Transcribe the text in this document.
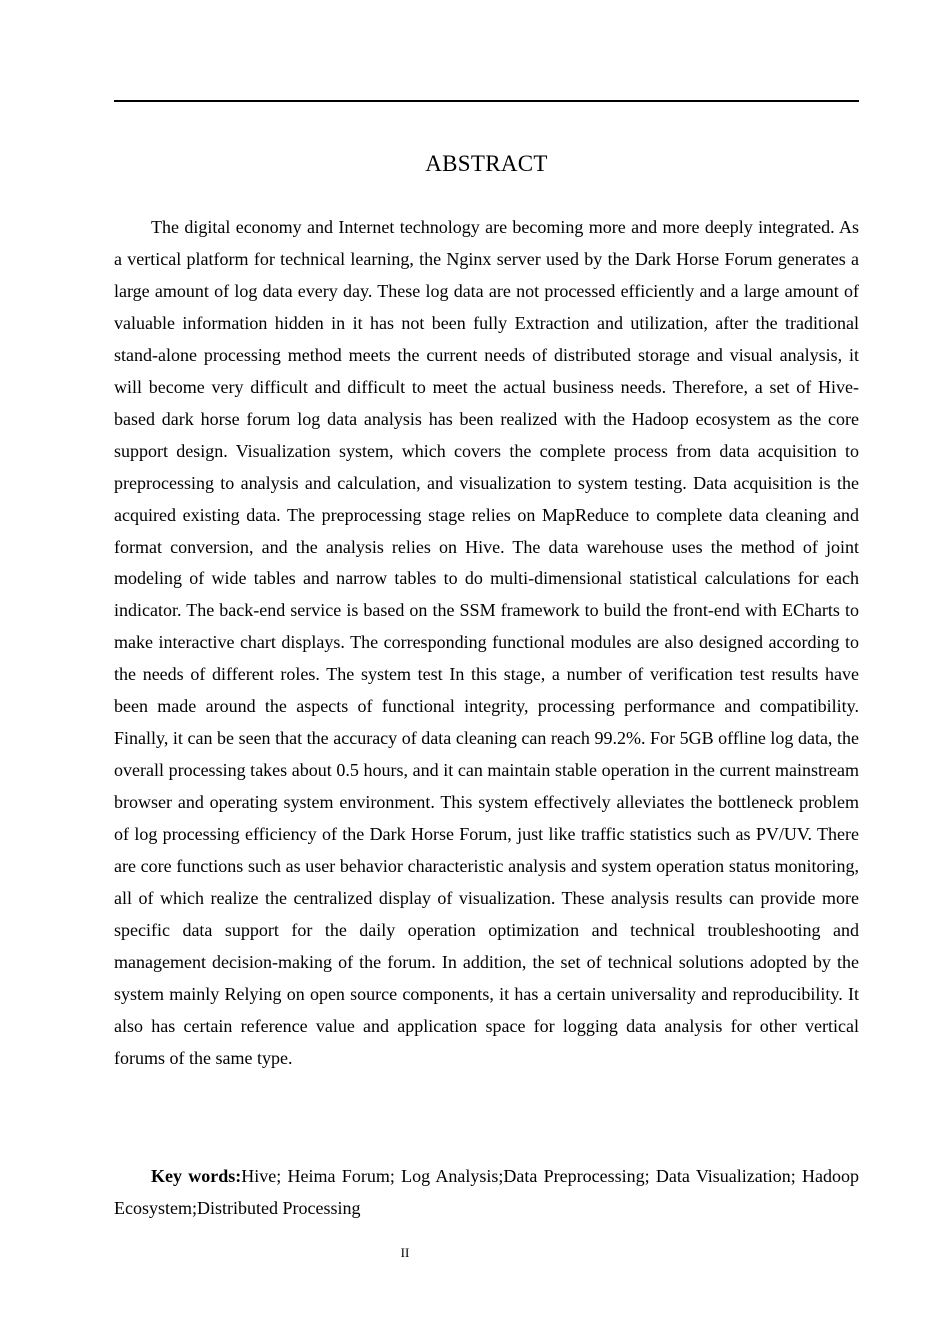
ABSTRACT

The digital economy and Internet technology are becoming more and more deeply integrated. As a vertical platform for technical learning, the Nginx server used by the Dark Horse Forum generates a large amount of log data every day. These log data are not processed efficiently and a large amount of valuable information hidden in it has not been fully Extraction and utilization, after the traditional stand-alone processing method meets the current needs of distributed storage and visual analysis, it will become very difficult and difficult to meet the actual business needs. Therefore, a set of Hive-based dark horse forum log data analysis has been realized with the Hadoop ecosystem as the core support design. Visualization system, which covers the complete process from data acquisition to preprocessing to analysis and calculation, and visualization to system testing. Data acquisition is the acquired existing data. The preprocessing stage relies on MapReduce to complete data cleaning and format conversion, and the analysis relies on Hive. The data warehouse uses the method of joint modeling of wide tables and narrow tables to do multi-dimensional statistical calculations for each indicator. The back-end service is based on the SSM framework to build the front-end with ECharts to make interactive chart displays. The corresponding functional modules are also designed according to the needs of different roles. The system test In this stage, a number of verification test results have been made around the aspects of functional integrity, processing performance and compatibility. Finally, it can be seen that the accuracy of data cleaning can reach 99.2%. For 5GB offline log data, the overall processing takes about 0.5 hours, and it can maintain stable operation in the current mainstream browser and operating system environment. This system effectively alleviates the bottleneck problem of log processing efficiency of the Dark Horse Forum, just like traffic statistics such as PV/UV. There are core functions such as user behavior characteristic analysis and system operation status monitoring, all of which realize the centralized display of visualization. These analysis results can provide more specific data support for the daily operation optimization and technical troubleshooting and management decision-making of the forum. In addition, the set of technical solutions adopted by the system mainly Relying on open source components, it has a certain universality and reproducibility. It also has certain reference value and application space for logging data analysis for other vertical forums of the same type.

Key words:Hive; Heima Forum; Log Analysis;Data Preprocessing; Data Visualization; Hadoop Ecosystem;Distributed Processing

II
